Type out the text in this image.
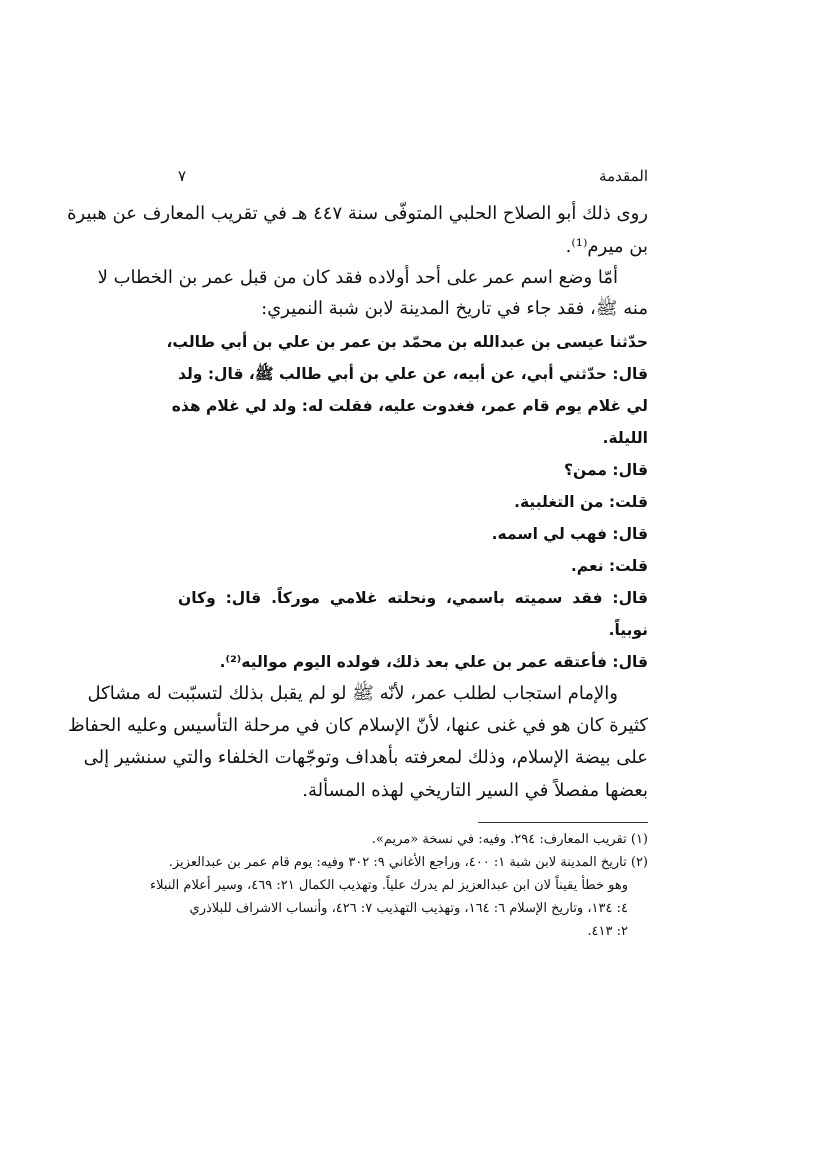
المقدمة
٧
روى ذلك أبو الصلاح الحلبي المتوفّى سنة ٤٤٧ هـ في تقريب المعارف عن هبيرة
بن ميرم⁽¹⁾.
أمّا وضع اسم عمر على أحد أولاده فقد كان من قبل عمر بن الخطاب لا
منه ﷺ، فقد جاء في تاريخ المدينة لابن شبة النميري:
حدّثنا عيسى بن عبدالله بن محمّد بن عمر بن علي بن أبي طالب،
قال: حدّثني أبي، عن أبيه، عن علي بن أبي طالب ﷺ، قال: ولد
لي غلام يوم قام عمر، فغدوت عليه، فقلت له: ولد لي غلام هذه
الليلة.
قال: ممن؟
قلت: من التغلبية.
قال: فهب لي اسمه.
قلت: نعم.
قال: فقد سميته باسمي، ونحلته غلامي موركاً. قال: وكان
نوبياً.
قال: فأعتقه عمر بن علي بعد ذلك، فولده اليوم مواليه⁽²⁾.
والإمام استجاب لطلب عمر، لأنّه ﷺ لو لم يقبل بذلك لتسبّبت له مشاكل
كثيرة كان هو في غنى عنها، لأنّ الإسلام كان في مرحلة التأسيس وعليه الحفاظ
على بيضة الإسلام، وذلك لمعرفته بأهداف وتوجّهات الخلفاء والتي سنشير إلى
بعضها مفصلاً في السير التاريخي لهذه المسألة.
(١) تقريب المعارف: ٢٩٤. وفيه: في نسخة «مريم».
(٢) تاريخ المدينة لابن شبة ١: ٤٠٠، وراجع الأغاني ٩: ٣٠٢ وفيه: يوم قام عمر بن عبدالعزيز.
وهو خطأ يقيناً لان ابن عبدالعزيز لم يدرك علياً. وتهذيب الكمال ٢١: ٤٦٩، وسير أعلام النبلاء
٤: ١٣٤، وتاريخ الإسلام ٦: ١٦٤، وتهذيب التهذيب ٧: ٤٢٦، وأنساب الاشراف للبلاذري
٢: ٤١٣.
